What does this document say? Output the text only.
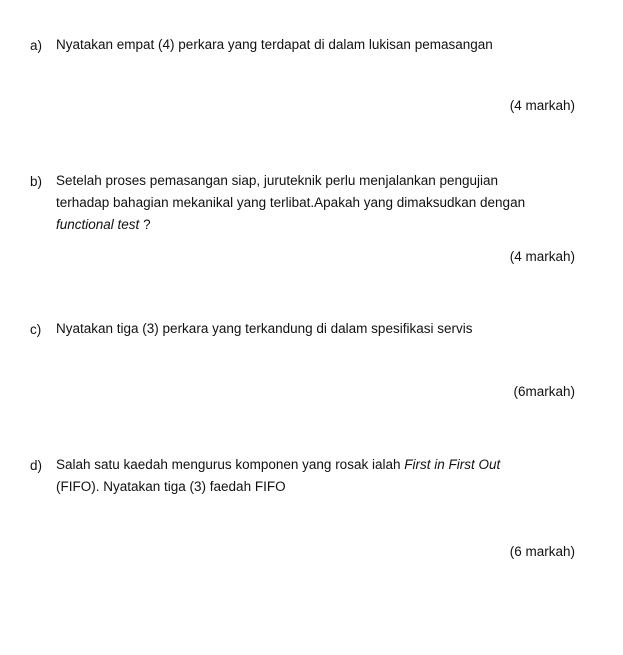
a) Nyatakan empat (4) perkara yang terdapat di dalam lukisan pemasangan
(4 markah)
b) Setelah proses pemasangan siap, juruteknik perlu menjalankan pengujian
terhadap bahagian mekanikal yang terlibat.Apakah yang dimaksudkan dengan
functional test ?
(4 markah)
c) Nyatakan tiga (3) perkara yang terkandung di dalam spesifikasi servis
(6markah)
d) Salah satu kaedah mengurus komponen yang rosak ialah First in First Out
(FIFO). Nyatakan tiga (3) faedah FIFO
(6 markah)
